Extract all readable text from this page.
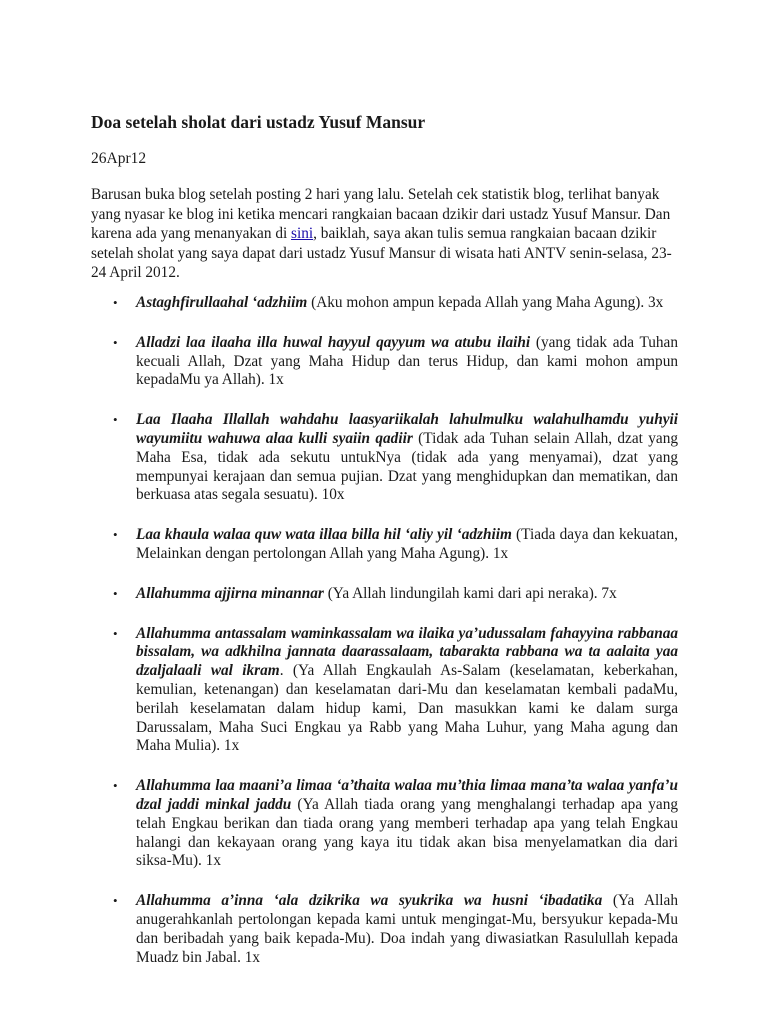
Doa setelah sholat dari ustadz Yusuf Mansur

26Apr12

Barusan buka blog setelah posting 2 hari yang lalu. Setelah cek statistik blog, terlihat banyak yang nyasar ke blog ini ketika mencari rangkaian bacaan dzikir dari ustadz Yusuf Mansur. Dan karena ada yang menanyakan di sini, baiklah, saya akan tulis semua rangkaian bacaan dzikir setelah sholat yang saya dapat dari ustadz Yusuf Mansur di wisata hati ANTV senin-selasa, 23-24 April 2012.

• Astaghfirullaahal ‘adzhiim (Aku mohon ampun kepada Allah yang Maha Agung). 3x
• Alladzi laa ilaaha illa huwal hayyul qayyum wa atubu ilaihi (yang tidak ada Tuhan kecuali Allah, Dzat yang Maha Hidup dan terus Hidup, dan kami mohon ampun kepadaMu ya Allah). 1x
• Laa Ilaaha Illallah wahdahu laasyariikalah lahulmulku walahulhamdu yuhyii wayumiitu wahuwa alaa kulli syaiin qadiir (Tidak ada Tuhan selain Allah, dzat yang Maha Esa, tidak ada sekutu untukNya (tidak ada yang menyamai), dzat yang mempunyai kerajaan dan semua pujian. Dzat yang menghidupkan dan mematikan, dan berkuasa atas segala sesuatu). 10x
• Laa khaula walaa quw wata illaa billa hil ‘aliy yil ‘adzhiim (Tiada daya dan kekuatan, Melainkan dengan pertolongan Allah yang Maha Agung). 1x
• Allahumma ajjirna minannar (Ya Allah lindungilah kami dari api neraka). 7x
• Allahumma antassalam waminkassalam wa ilaika ya’udussalam fahayyina rabbanaa bissalam, wa adkhilna jannata daarassalaam, tabarakta rabbana wa ta aalaita yaa dzaljalaali wal ikram. (Ya Allah Engkaulah As-Salam (keselamatan, keberkahan, kemulian, ketenangan) dan keselamatan dari-Mu dan keselamatan kembali padaMu, berilah keselamatan dalam hidup kami, Dan masukkan kami ke dalam surga Darussalam, Maha Suci Engkau ya Rabb yang Maha Luhur, yang Maha agung dan Maha Mulia). 1x
• Allahumma laa maani’a limaa ‘a’thaita walaa mu’thia limaa mana’ta walaa yanfa’u dzal jaddi minkal jaddu (Ya Allah tiada orang yang menghalangi terhadap apa yang telah Engkau berikan dan tiada orang yang memberi terhadap apa yang telah Engkau halangi dan kekayaan orang yang kaya itu tidak akan bisa menyelamatkan dia dari siksa-Mu). 1x
• Allahumma a’inna ‘ala dzikrika wa syukrika wa husni ‘ibadatika (Ya Allah anugerahkanlah pertolongan kepada kami untuk mengingat-Mu, bersyukur kepada-Mu dan beribadah yang baik kepada-Mu). Doa indah yang diwasiatkan Rasulullah kepada Muadz bin Jabal. 1x
